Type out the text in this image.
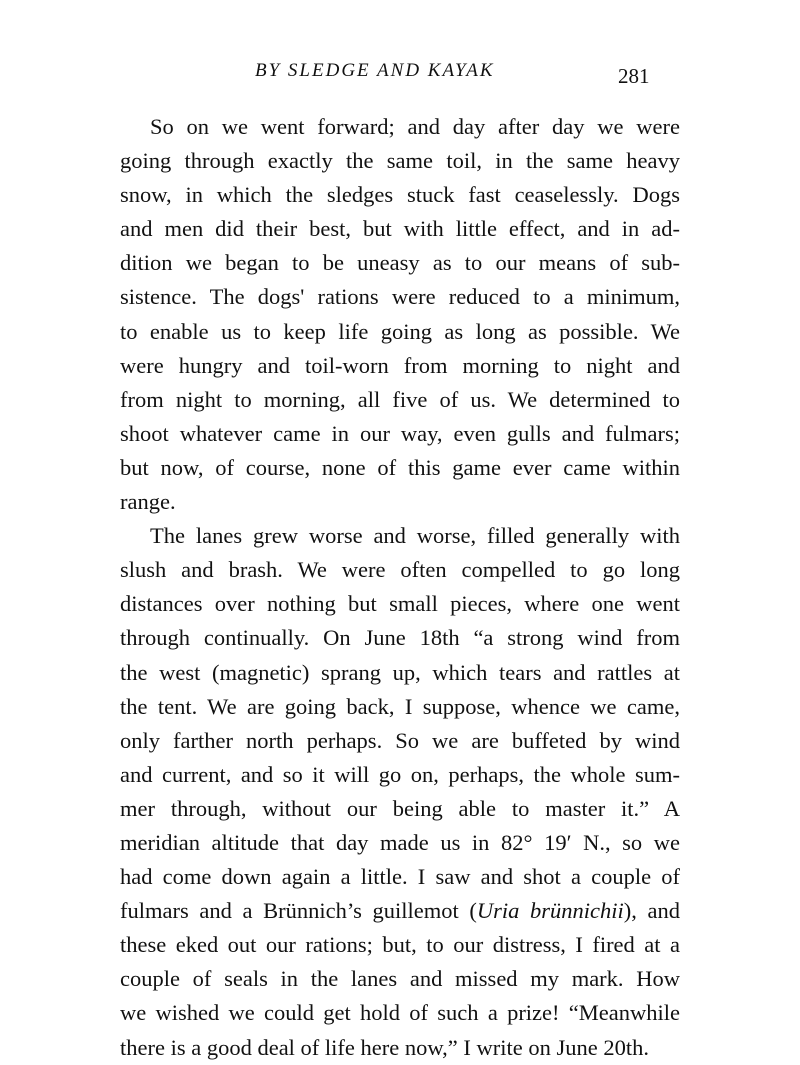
BY SLEDGE AND KAYAK	281
So on we went forward; and day after day we were
going through exactly the same toil, in the same heavy
snow, in which the sledges stuck fast ceaselessly. Dogs
and men did their best, but with little effect, and in ad-
dition we began to be uneasy as to our means of sub-
sistence. The dogs' rations were reduced to a minimum,
to enable us to keep life going as long as possible. We
were hungry and toil-worn from morning to night and
from night to morning, all five of us. We determined to
shoot whatever came in our way, even gulls and fulmars;
but now, of course, none of this game ever came within
range.
The lanes grew worse and worse, filled generally with
slush and brash. We were often compelled to go long
distances over nothing but small pieces, where one went
through continually. On June 18th “a strong wind from
the west (magnetic) sprang up, which tears and rattles at
the tent. We are going back, I suppose, whence we came,
only farther north perhaps. So we are buffeted by wind
and current, and so it will go on, perhaps, the whole sum-
mer through, without our being able to master it.” A
meridian altitude that day made us in 82° 19′ N., so we
had come down again a little. I saw and shot a couple of
fulmars and a Brünnich’s guillemot (Uria brünnichii), and
these eked out our rations; but, to our distress, I fired at a
couple of seals in the lanes and missed my mark. How
we wished we could get hold of such a prize! “Meanwhile
there is a good deal of life here now,” I write on June 20th.
